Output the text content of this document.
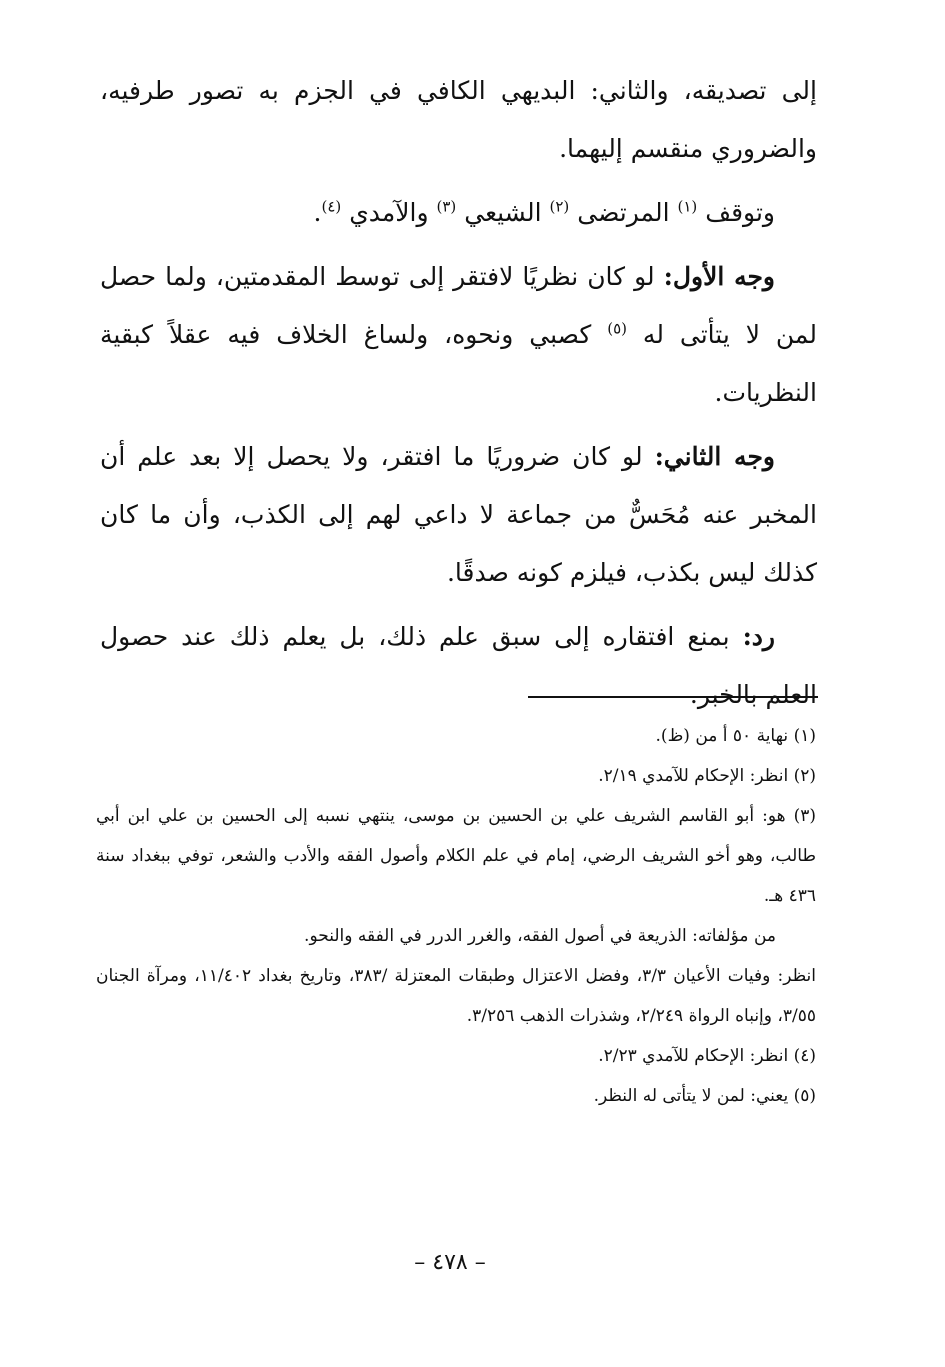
إلى تصديقه، والثاني: البديهي الكافي في الجزم به تصور طرفيه، والضروري منقسم إليهما.

وتوقف $^{(١)}$ المرتضى $^{(٢)}$ الشيعي $^{(٣)}$ والآمدي $^{(٤)}$.

وجه الأول: لو كان نظريًا لافتقر إلى توسط المقدمتين، ولما حصل لمن لا يتأتى له $^{(٥)}$ كصبي ونحوه، ولساغ الخلاف فيه عقلاً كبقية النظريات.

وجه الثاني: لو كان ضروريًا ما افتقر، ولا يحصل إلا بعد علم أن المخبر عنه مُحَسٌّ من جماعة لا داعي لهم إلى الكذب، وأن ما كان كذلك ليس بكذب، فيلزم كونه صدقًا.

رد: بمنع افتقاره إلى سبق علم ذلك، بل يعلم ذلك عند حصول العلم بالخبر.

(١) نهاية ٥٠ أ من (ظ).

(٢) انظر: الإحكام للآمدي ٢/١٩.

(٣) هو: أبو القاسم الشريف علي بن الحسين بن موسى، ينتهي نسبه إلى الحسين بن علي ابن أبي طالب، وهو أخو الشريف الرضي، إمام في علم الكلام وأصول الفقه والأدب والشعر، توفي ببغداد سنة ٤٣٦ هـ.

من مؤلفاته: الذريعة في أصول الفقه، والغرر الدرر في الفقه والنحو.

انظر: وفيات الأعيان ٣/٣، وفضل الاعتزال وطبقات المعتزلة /٣٨٣، وتاريخ بغداد ١١/٤٠٢، ومرآة الجنان ٣/٥٥، وإنباه الرواة ٢/٢٤٩، وشذرات الذهب ٣/٢٥٦.

(٤) انظر: الإحكام للآمدي ٢/٢٣.

(٥) يعني: لمن لا يتأتى له النظر.

– ٤٧٨ –
